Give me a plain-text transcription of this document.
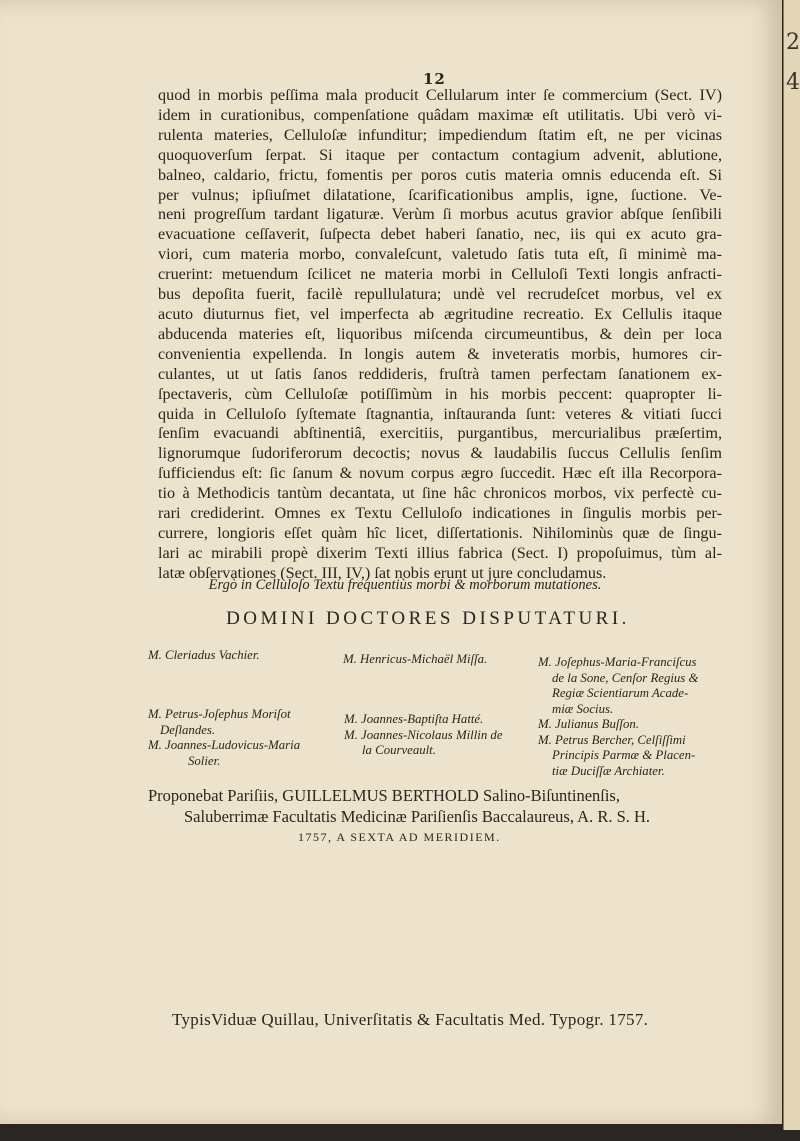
12
quod in morbis peſſima mala producit Cellularum inter ſe commercium (Sect. IV)
idem in curationibus, compenſatione quâdam maximæ eſt utilitatis. Ubi verò vi-
rulenta materies, Celluloſæ infunditur; impediendum ſtatim eſt, ne per vicinas
quoquoverſum ſerpat. Si itaque per contactum contagium advenit, ablutione,
balneo, caldario, frictu, fomentis per poros cutis materia omnis educenda eſt. Si
per vulnus; ipſiuſmet dilatatione, ſcarificationibus amplis, igne, ſuctione. Ve-
neni progreſſum tardant ligaturæ. Verùm ſi morbus acutus gravior abſque ſenſibili
evacuatione ceſſaverit, ſuſpecta debet haberi ſanatio, nec, iis qui ex acuto gra-
viori, cum materia morbo, convaleſcunt, valetudo ſatis tuta eſt, ſi minimè ma-
cruerint: metuendum ſcilicet ne materia morbi in Celluloſi Texti longis anfracti-
bus depoſita fuerit, facilè repullulatura; undè vel recrudeſcet morbus, vel ex
acuto diuturnus fiet, vel imperfecta ab ægritudine recreatio. Ex Cellulis itaque
abducenda materies eſt, liquoribus miſcenda circumeuntibus, & deìn per loca
convenientia expellenda. In longis autem & inveteratis morbis, humores cir-
culantes, ut ut ſatis ſanos reddideris, fruſtrà tamen perfectam ſanationem ex-
ſpectaveris, cùm Celluloſæ potiſſimùm in his morbis peccent: quapropter li-
quida in Celluloſo ſyſtemate ſtagnantia, inſtauranda ſunt: veteres & vitiati ſucci
ſenſim evacuandi abſtinentiâ, exercitiis, purgantibus, mercurialibus præſertim,
lignorumque ſudoriferorum decoctis; novus & laudabilis ſuccus Cellulis ſenſim
ſufficiendus eſt: ſic ſanum & novum corpus ægro ſuccedit. Hæc eſt illa Recorpora-
tio à Methodicis tantùm decantata, ut ſine hâc chronicos morbos, vix perfectè cu-
rari crediderint. Omnes ex Textu Celluloſo indicationes in ſingulis morbis per-
currere, longioris eſſet quàm hîc licet, diſſertationis. Nihilominùs quæ de ſingu-
lari ac mirabili propè dixerim Texti illius fabrica (Sect. I) propoſuimus, tùm al-
latæ obſervationes (Sect. III, IV,) ſat nobis erunt ut jure concludamus.
Ergò in Celluloſo Textu frequentiùs morbi & morborum mutationes.
DOMINI DOCTORES DISPUTATURI.
M. Cleriadus Vachier.
M. Petrus-Joſephus Moriſot
Deſlandes.
M. Joannes-Ludovicus-Maria
Solier.
M. Henricus-Michaël Miſſa.
M. Joannes-Baptiſta Hatté.
M. Joannes-Nicolaus Millin de
la Courveault.
M. Joſephus-Maria-Franciſcus
de la Sone, Cenſor Regius &
Regiæ Scientiarum Acade-
miæ Socius.
M. Julianus Buſſon.
M. Petrus Bercher, Celſiſſimi
Principis Parmæ & Placen-
tiæ Duciſſæ Archiater.
Proponebat Pariſiis, GUILLELMUS BERTHOLD Salino-Biſuntinenſis,
Saluberrimæ Facultatis Medicinæ Pariſienſis Baccalaureus, A. R. S. H.
1757, A SEXTA AD MERIDIEM.
TypisViduæ Quillau, Univerſitatis & Facultatis Med. Typogr. 1757.
2
4
